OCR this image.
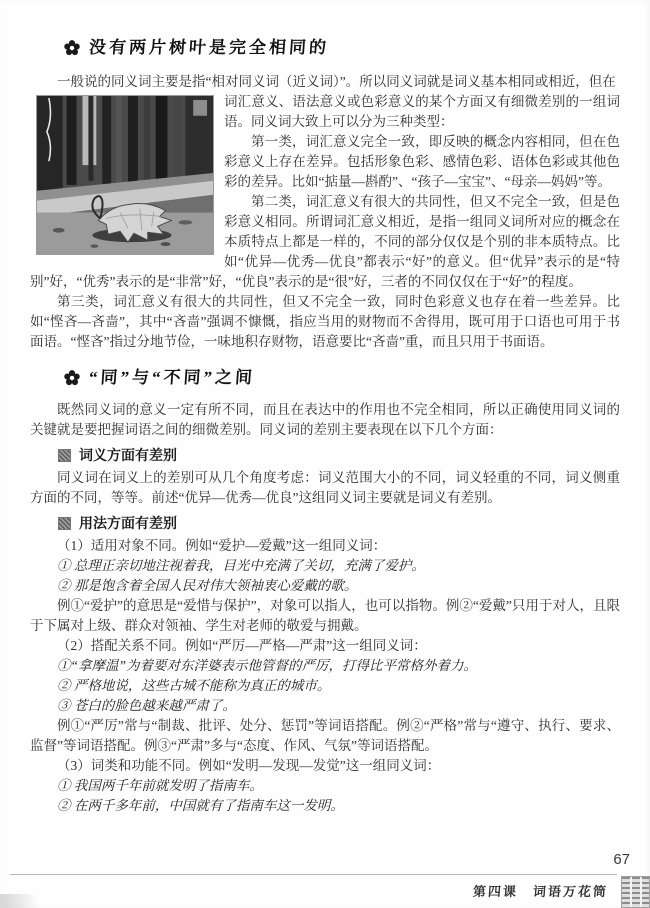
没有两片树叶是完全相同的

一般说的同义词主要是指“相对同义词（近义词）”。所以同义词就是词义基本相同或相近，但在

词汇意义、语法意义或色彩意义的某个方面又有细微差别的一组词语。同义词大致上可以分为三种类型：

第一类，词汇意义完全一致，即反映的概念内容相同，但在色彩意义上存在差异。包括形象色彩、感情色彩、语体色彩或其他色彩的差异。比如“掂量—斟酌”、“孩子—宝宝”、“母亲—妈妈”等。

第二类，词汇意义有很大的共同性，但又不完全一致，但是色彩意义相同。所谓词汇意义相近，是指一组同义词所对应的概念在本质特点上都是一样的，不同的部分仅仅是个别的非本质特点。比如“优异—优秀—优良”都表示“好”的意义。但“优异”表示的是“特别”好，“优秀”表示的是“非常”好，“优良”表示的是“很”好，三者的不同仅仅在于“好”的程度。

第三类，词汇意义有很大的共同性，但又不完全一致，同时色彩意义也存在着一些差异。比如“悭吝—吝啬”，其中“吝啬”强调不慷慨，指应当用的财物而不舍得用，既可用于口语也可用于书面语。“悭吝”指过分地节俭，一味地积存财物，语意要比“吝啬”重，而且只用于书面语。

“同”与“不同”之间

既然同义词的意义一定有所不同，而且在表达中的作用也不完全相同，所以正确使用同义词的关键就是要把握词语之间的细微差别。同义词的差别主要表现在以下几个方面：

词义方面有差别

同义词在词义上的差别可从几个角度考虑：词义范围大小的不同，词义轻重的不同，词义侧重方面的不同，等等。前述“优异—优秀—优良”这组同义词主要就是词义有差别。

用法方面有差别

（1）适用对象不同。例如“爱护—爱戴”这一组同义词：

① 总理正亲切地注视着我，目光中充满了关切，充满了爱护。

② 那是饱含着全国人民对伟大领袖衷心爱戴的歌。

例①“爱护”的意思是“爱惜与保护”，对象可以指人，也可以指物。例②“爱戴”只用于对人，且限于下属对上级、群众对领袖、学生对老师的敬爱与拥戴。

（2）搭配关系不同。例如“严厉—严格—严肃”这一组同义词：

①“拿摩温”为着要对东洋婆表示他管督的严厉，打得比平常格外着力。

② 严格地说，这些古城不能称为真正的城市。

③ 苍白的脸色越来越严肃了。

例①“严厉”常与“制裁、批评、处分、惩罚”等词语搭配。例②“严格”常与“遵守、执行、要求、监督”等词语搭配。例③“严肃”多与“态度、作风、气氛”等词语搭配。

（3）词类和功能不同。例如“发明—发现—发觉”这一组同义词：

① 我国两千年前就发明了指南车。

② 在两千多年前，中国就有了指南车这一发明。

67
第四课　词语万花筒
